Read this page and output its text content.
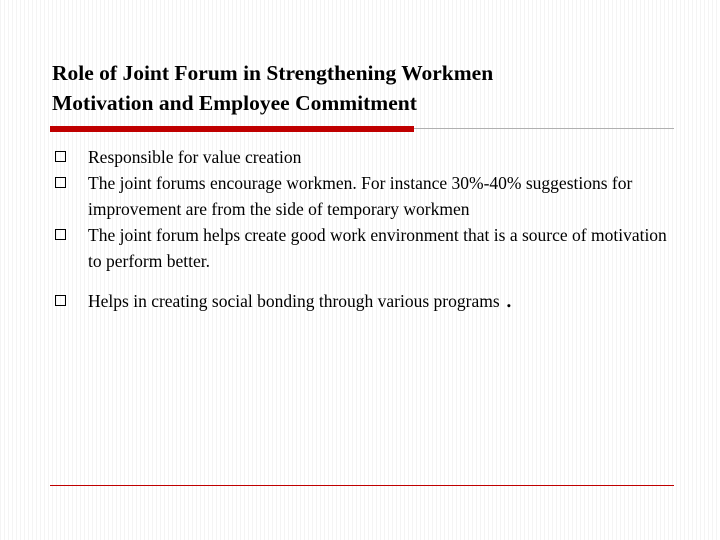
Role of Joint Forum in Strengthening Workmen
Motivation and Employee Commitment
Responsible for value creation
The joint forums encourage workmen. For instance 30%-40% suggestions for improvement are from the side of temporary workmen
The joint forum helps create good work environment that is a source of motivation to perform better.
Helps in creating social bonding through various programs .
